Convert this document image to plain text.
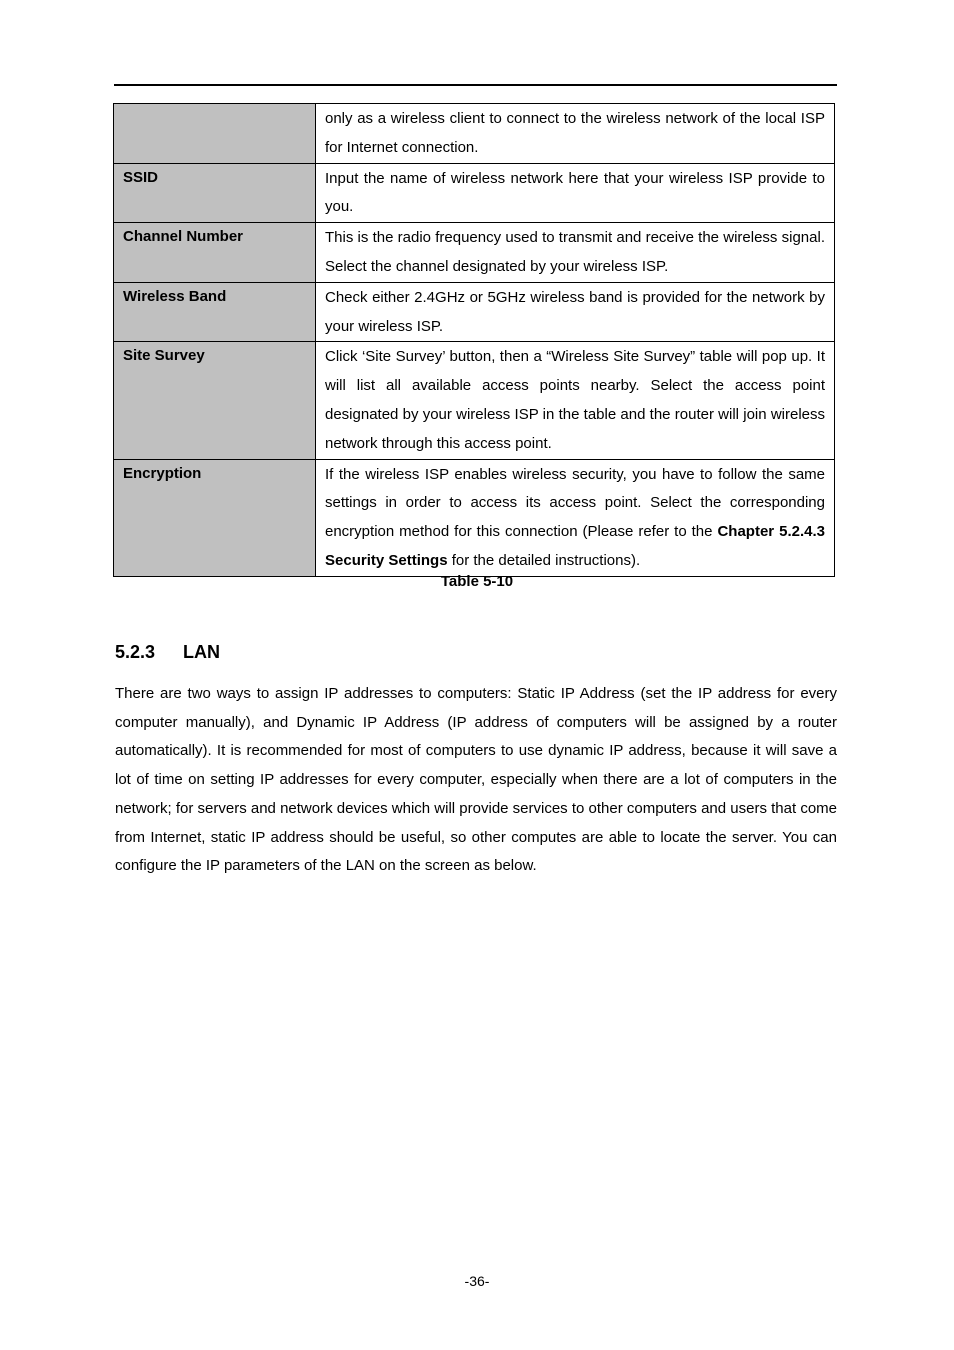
	only as a wireless client to connect to the wireless network of the local ISP for Internet connection.
SSID	Input the name of wireless network here that your wireless ISP provide to you.
Channel Number	This is the radio frequency used to transmit and receive the wireless signal. Select the channel designated by your wireless ISP.
Wireless Band	Check either 2.4GHz or 5GHz wireless band is provided for the network by your wireless ISP.
Site Survey	Click ‘Site Survey’ button, then a “Wireless Site Survey” table will pop up. It will list all available access points nearby. Select the access point designated by your wireless ISP in the table and the router will join wireless network through this access point.
Encryption	If the wireless ISP enables wireless security, you have to follow the same settings in order to access its access point. Select the corresponding encryption method for this connection (Please refer to the Chapter 5.2.4.3 Security Settings for the detailed instructions).
Table 5-10
5.2.3 LAN
There are two ways to assign IP addresses to computers: Static IP Address (set the IP address for every computer manually), and Dynamic IP Address (IP address of computers will be assigned by a router automatically). It is recommended for most of computers to use dynamic IP address, because it will save a lot of time on setting IP addresses for every computer, especially when there are a lot of computers in the network; for servers and network devices which will provide services to other computers and users that come from Internet, static IP address should be useful, so other computes are able to locate the server. You can configure the IP parameters of the LAN on the screen as below.
-36-
